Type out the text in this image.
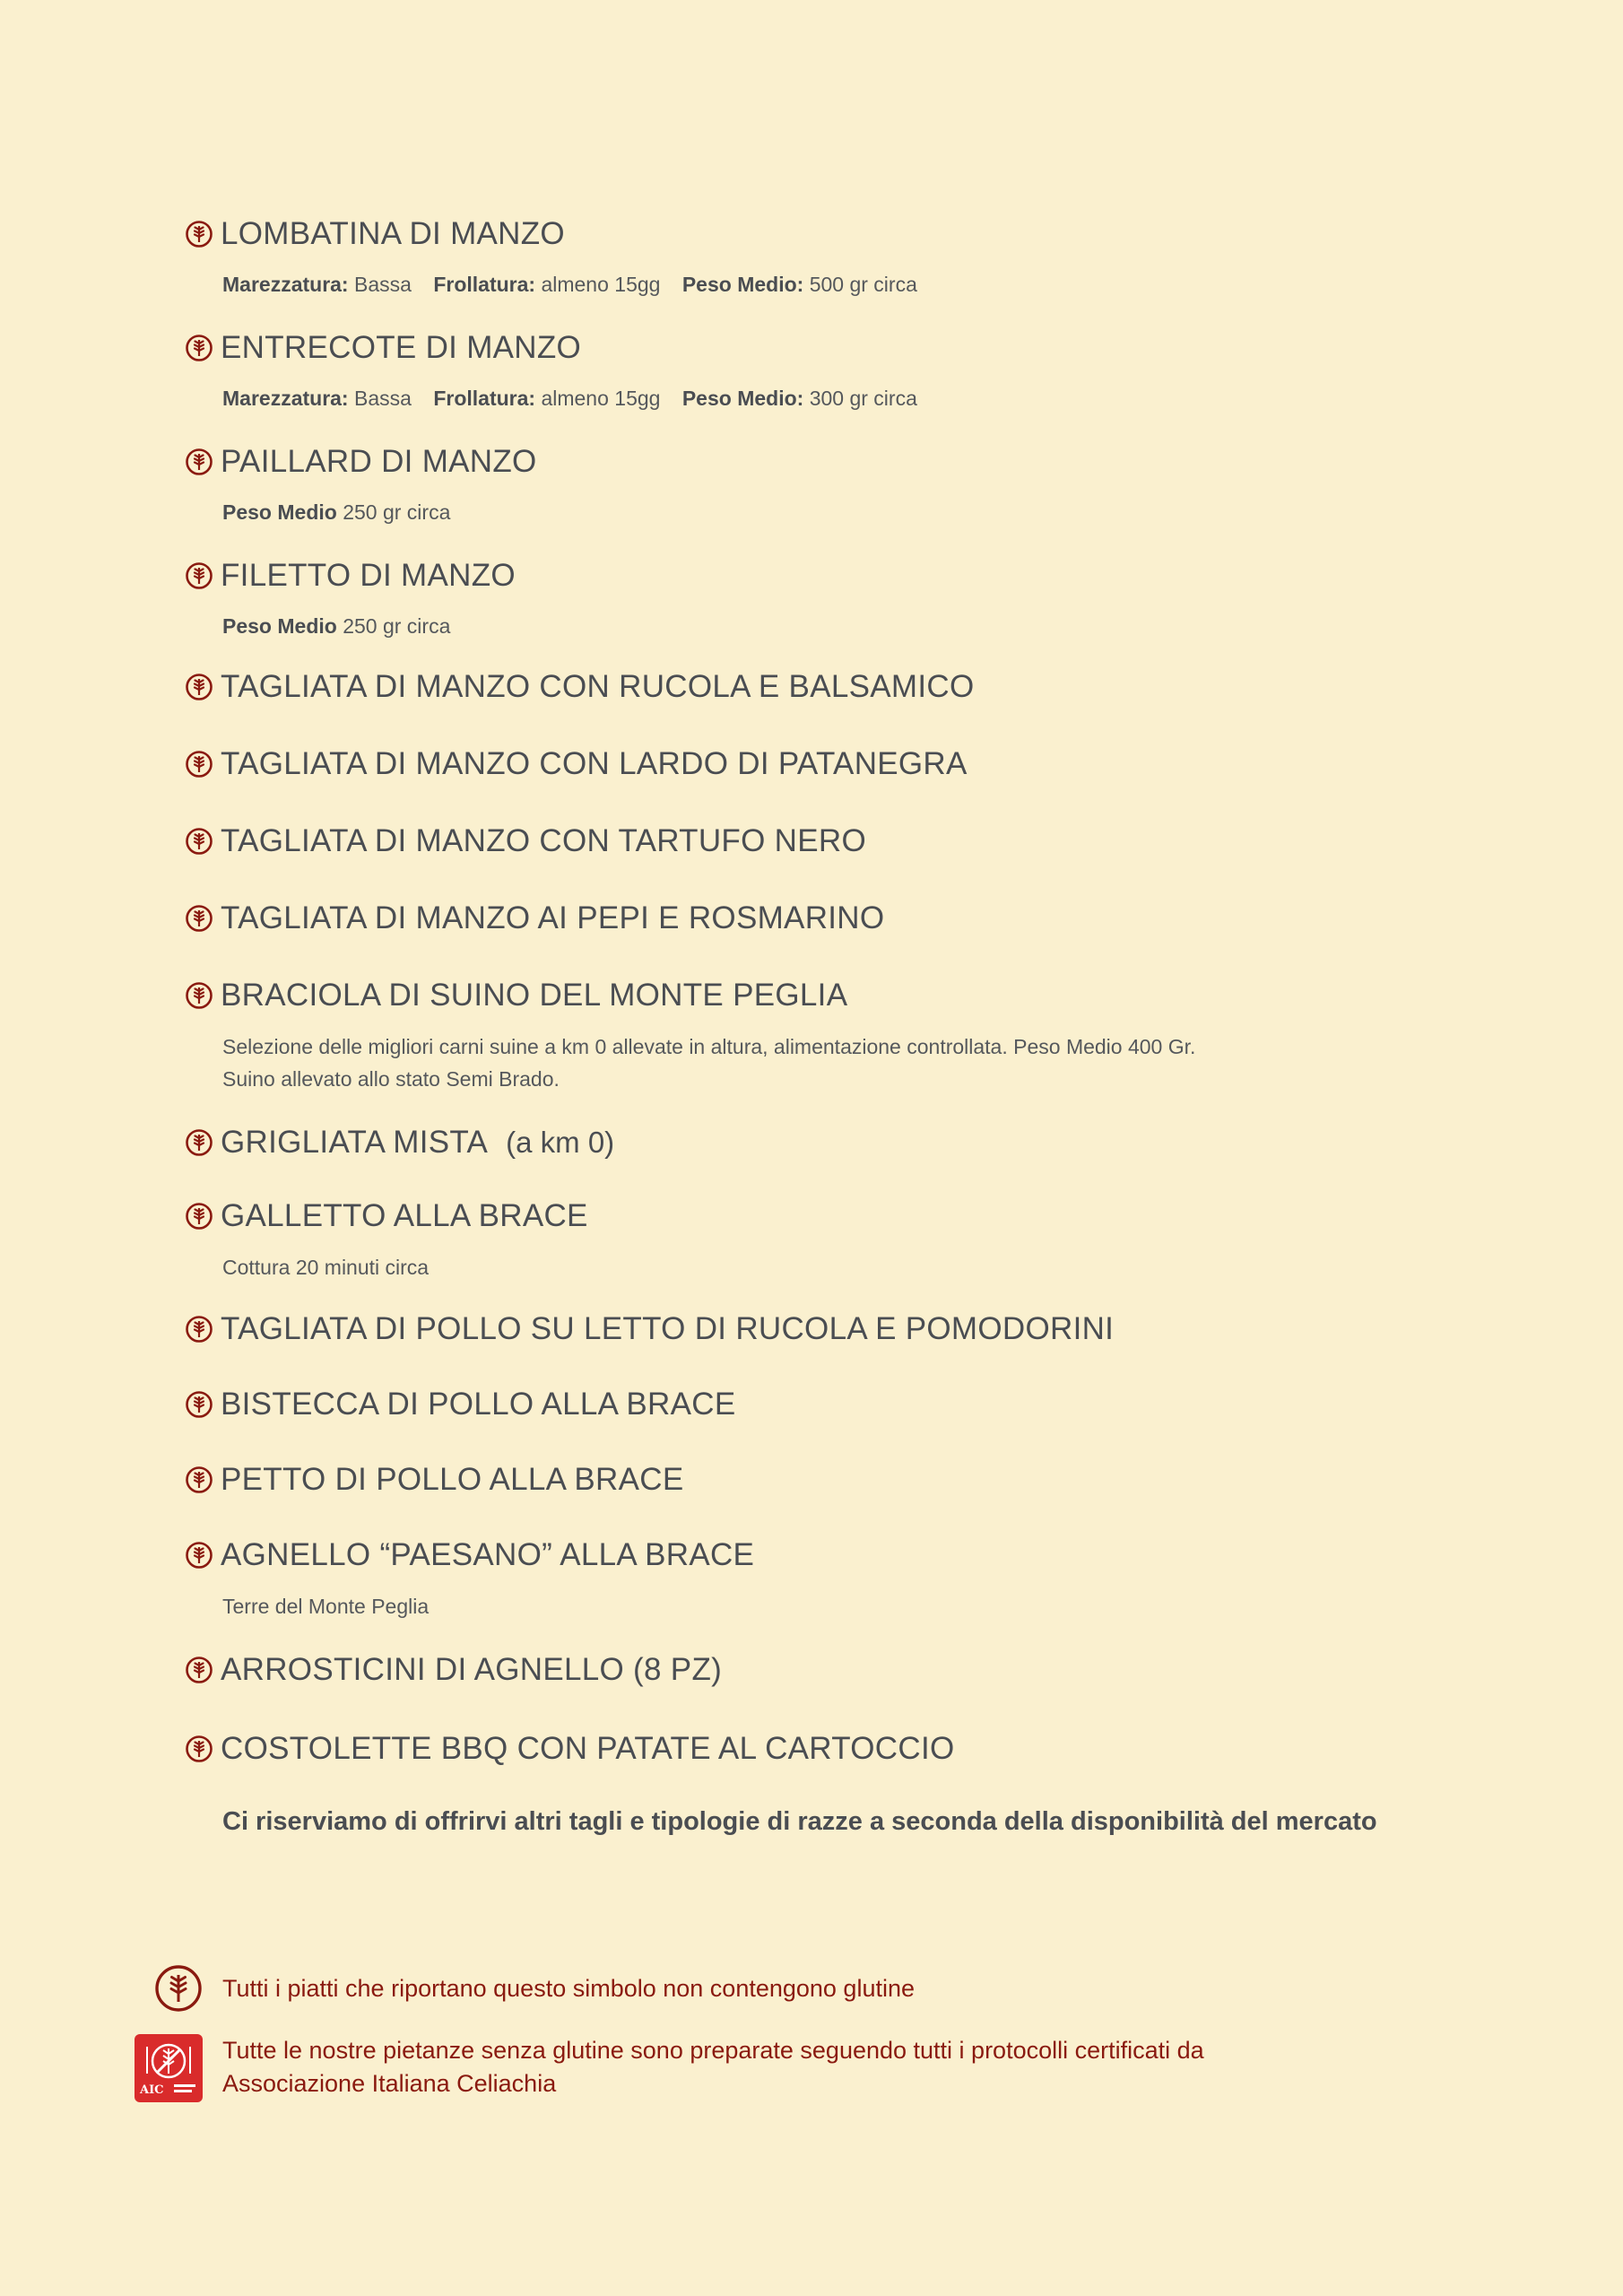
LOMBATINA DI MANZO
Marezzatura: Bassa Frollatura: almeno 15gg Peso Medio: 500 gr circa
ENTRECOTE DI MANZO
Marezzatura: Bassa Frollatura: almeno 15gg Peso Medio: 300 gr circa
PAILLARD DI MANZO
Peso Medio 250 gr circa
FILETTO DI MANZO
Peso Medio 250 gr circa
TAGLIATA DI MANZO CON RUCOLA E BALSAMICO
TAGLIATA DI MANZO CON LARDO DI PATANEGRA
TAGLIATA DI MANZO CON TARTUFO NERO
TAGLIATA DI MANZO AI PEPI E ROSMARINO
BRACIOLA DI SUINO DEL MONTE PEGLIA
Selezione delle migliori carni suine a km 0 allevate in altura, alimentazione controllata. Peso Medio 400 Gr.
Suino allevato allo stato Semi Brado.
GRIGLIATA MISTA (a km 0)
GALLETTO ALLA BRACE
Cottura 20 minuti circa
TAGLIATA DI POLLO SU LETTO DI RUCOLA E POMODORINI
BISTECCA DI POLLO ALLA BRACE
PETTO DI POLLO ALLA BRACE
AGNELLO “PAESANO” ALLA BRACE
Terre del Monte Peglia
ARROSTICINI DI AGNELLO (8 PZ)
COSTOLETTE BBQ CON PATATE AL CARTOCCIO
Ci riserviamo di offrirvi altri tagli e tipologie di razze a seconda della disponibilità del mercato
Tutti i piatti che riportano questo simbolo non contengono glutine
AIC
Tutte le nostre pietanze senza glutine sono preparate seguendo tutti i protocolli certificati da
Associazione Italiana Celiachia
